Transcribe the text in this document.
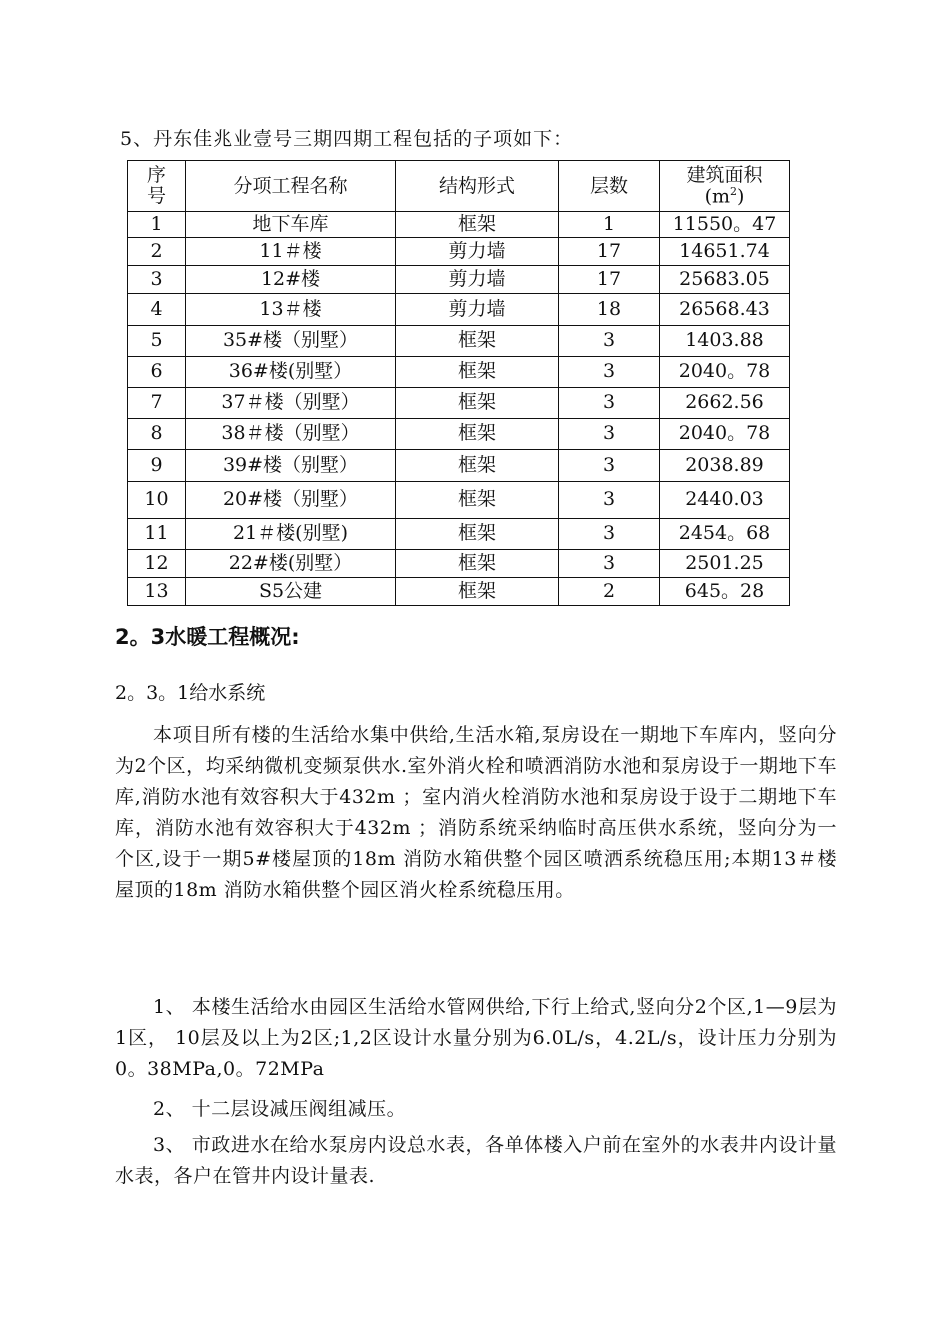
5、丹东佳兆业壹号三期四期工程包括的子项如下：
序
号	分项工程名称	结构形式	层数	建筑面积
$(m^2)$
1	地下车库	框架	1	11550。47
2	11＃楼	剪力墙	17	14651.74
3	12#楼	剪力墙	17	25683.05
4	13＃楼	剪力墙	18	26568.43
5	35#楼（别墅）	框架	3	1403.88
6	36#楼(别墅）	框架	3	2040。78
7	37＃楼（别墅）	框架	3	2662.56
8	38＃楼（别墅）	框架	3	2040。78
9	39#楼（别墅）	框架	3	2038.89
10	20#楼（别墅）	框架	3	2440.03
11	21＃楼(别墅)	框架	3	2454。68
12	22#楼(别墅）	框架	3	2501.25
13	S5公建	框架	2	645。28
2。3水暖工程概况:
2。3。1给水系统
本项目所有楼的生活给水集中供给,生活水箱,泵房设在一期地下车库内，竖向分为2个区，均采纳微机变频泵供水.室外消火栓和喷洒消防水池和泵房设于一期地下车库,消防水池有效容积大于432m ；室内消火栓消防水池和泵房设于设于二期地下车库，消防水池有效容积大于432m ；消防系统采纳临时高压供水系统，竖向分为一个区,设于一期5#楼屋顶的18m 消防水箱供整个园区喷洒系统稳压用;本期13＃楼屋顶的18m 消防水箱供整个园区消火栓系统稳压用。
1、 本楼生活给水由园区生活给水管网供给,下行上给式,竖向分2个区,1—9层为1区， 10层及以上为2区;1,2区设计水量分别为6.0L/s，4.2L/s，设计压力分别为0。38MPa,0。72MPa
2、 十二层设减压阀组减压。
3、 市政进水在给水泵房内设总水表，各单体楼入户前在室外的水表井内设计量水表，各户在管井内设计量表.
